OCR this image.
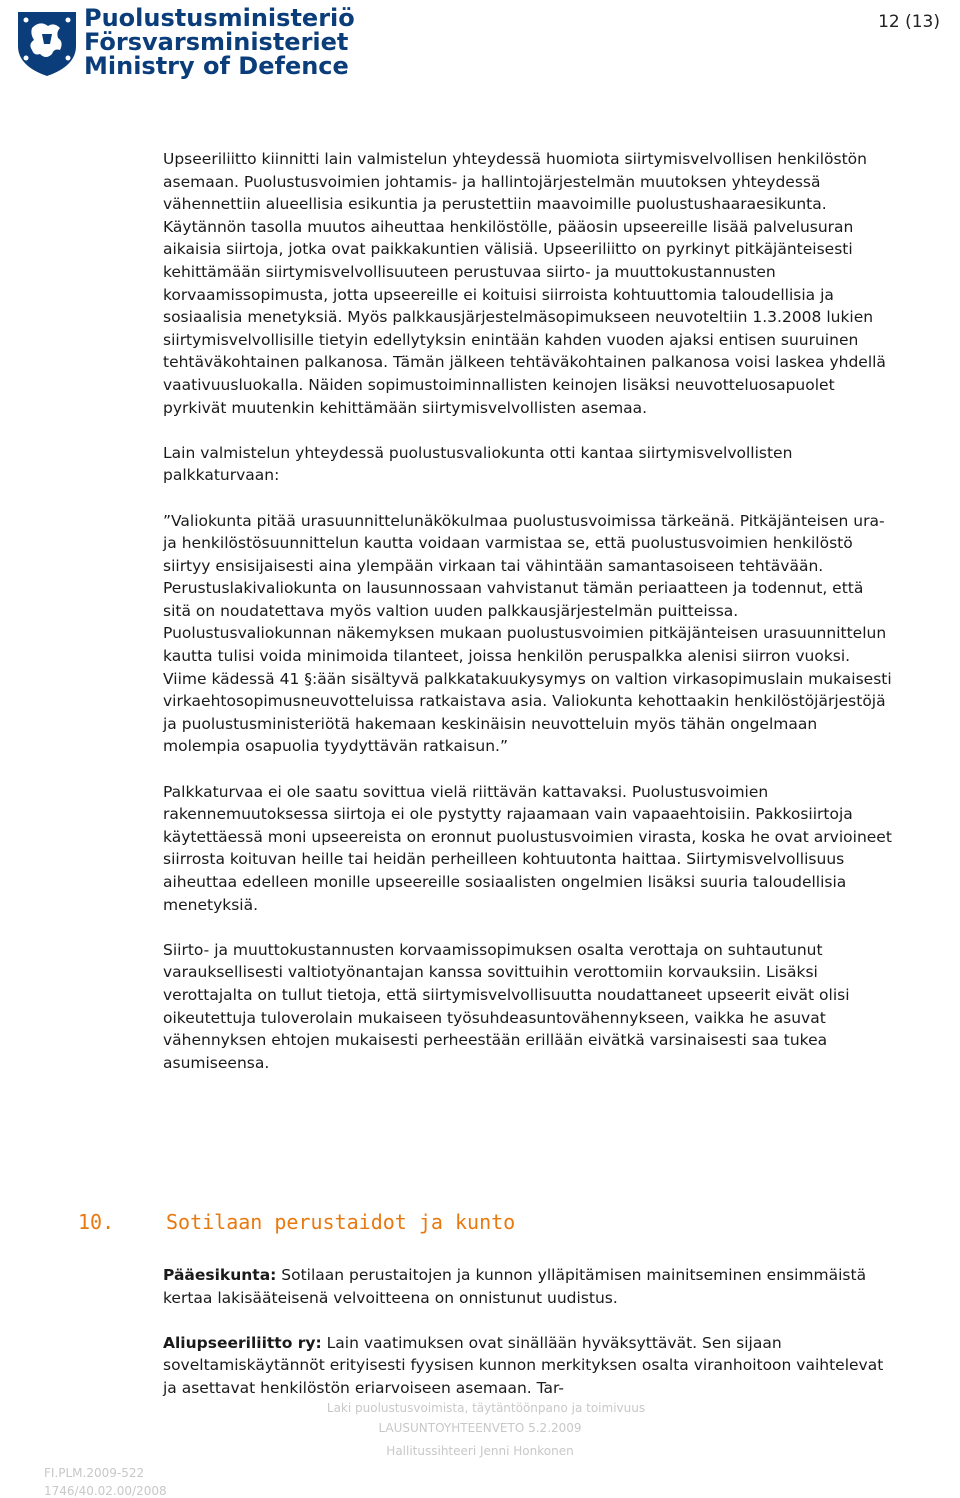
Puolustusministeriö
Försvarsministeriet
Ministry of Defence
12 (13)

Upseeriliitto kiinnitti lain valmistelun yhteydessä huomiota siirtymisvelvollisen henkilöstön asemaan. Puolustusvoimien johtamis- ja hallintojärjestelmän muutoksen yhteydessä vähennettiin alueellisia esikuntia ja perustettiin maavoimille puolustushaaraesikunta. Käytännön tasolla muutos aiheuttaa henkilöstölle, pääosin upseereille lisää palvelusuran aikaisia siirtoja, jotka ovat paikkakuntien välisiä. Upseeriliitto on pyrkinyt pitkäjänteisesti kehittämään siirtymisvelvollisuuteen perustuvaa siirto- ja muuttokustannusten korvaamissopimusta, jotta upseereille ei koituisi siirroista kohtuuttomia taloudellisia ja sosiaalisia menetyksiä. Myös palkkausjärjestelmäsopimukseen neuvoteltiin 1.3.2008 lukien siirtymisvelvollisille tietyin edellytyksin enintään kahden vuoden ajaksi entisen suuruinen tehtäväkohtainen palkanosa. Tämän jälkeen tehtäväkohtainen palkanosa voisi laskea yhdellä vaativuusluokalla. Näiden sopimustoiminnallisten keinojen lisäksi neuvotteluosapuolet pyrkivät muutenkin kehittämään siirtymisvelvollisten asemaa.

Lain valmistelun yhteydessä puolustusvaliokunta otti kantaa siirtymisvelvollisten palkkaturvaan:

”Valiokunta pitää urasuunnittelunäkökulmaa puolustusvoimissa tärkeänä. Pitkäjänteisen ura- ja henkilöstösuunnittelun kautta voidaan varmistaa se, että puolustusvoimien henkilöstö siirtyy ensisijaisesti aina ylempään virkaan tai vähintään samantasoiseen tehtävään. Perustuslakivaliokunta on lausunnossaan vahvistanut tämän periaatteen ja todennut, että sitä on noudatettava myös valtion uuden palkkausjärjestelmän puitteissa. Puolustusvaliokunnan näkemyksen mukaan puolustusvoimien pitkäjänteisen urasuunnittelun kautta tulisi voida minimoida tilanteet, joissa henkilön peruspalkka alenisi siirron vuoksi. Viime kädessä 41 §:ään sisältyvä palkkatakuukysymys on valtion virkasopimuslain mukaisesti virkaehtosopimusneuvotteluissa ratkaistava asia. Valiokunta kehottaakin henkilöstöjärjestöjä ja puolustusministeriötä hakemaan keskinäisin neuvotteluin myös tähän ongelmaan molempia osapuolia tyydyttävän ratkaisun.”

Palkkaturvaa ei ole saatu sovittua vielä riittävän kattavaksi. Puolustusvoimien rakennemuutoksessa siirtoja ei ole pystytty rajaamaan vain vapaaehtoisiin. Pakkosiirtoja käytettäessä moni upseereista on eronnut puolustusvoimien virasta, koska he ovat arvioineet siirrosta koituvan heille tai heidän perheilleen kohtuutonta haittaa. Siirtymisvelvollisuus aiheuttaa edelleen monille upseereille sosiaalisten ongelmien lisäksi suuria taloudellisia menetyksiä.

Siirto- ja muuttokustannusten korvaamissopimuksen osalta verottaja on suhtautunut varauksellisesti valtiotyönantajan kanssa sovittuihin verottomiin korvauksiin. Lisäksi verottajalta on tullut tietoja, että siirtymisvelvollisuutta noudattaneet upseerit eivät olisi oikeutettuja tuloverolain mukaiseen työsuhdeasuntovähennykseen, vaikka he asuvat vähennyksen ehtojen mukaisesti perheestään erillään eivätkä varsinaisesti saa tukea asumiseensa.

10.	Sotilaan perustaidot ja kunto

Pääesikunta: Sotilaan perustaitojen ja kunnon ylläpitämisen mainitseminen ensimmäistä kertaa lakisääteisenä velvoitteena on onnistunut uudistus.

Aliupseeriliitto ry: Lain vaatimuksen ovat sinällään hyväksyttävät. Sen sijaan soveltamiskäytännöt erityisesti fyysisen kunnon merkityksen osalta viranhoitoon vaihtelevat ja asettavat henkilöstön eriarvoiseen asemaan. Tar-

Laki puolustusvoimista, täytäntöönpano ja toimivuus
LAUSUNTOYHTEENVETO 5.2.2009
Hallitussihteeri Jenni Honkonen
FI.PLM.2009-522
1746/40.02.00/2008
